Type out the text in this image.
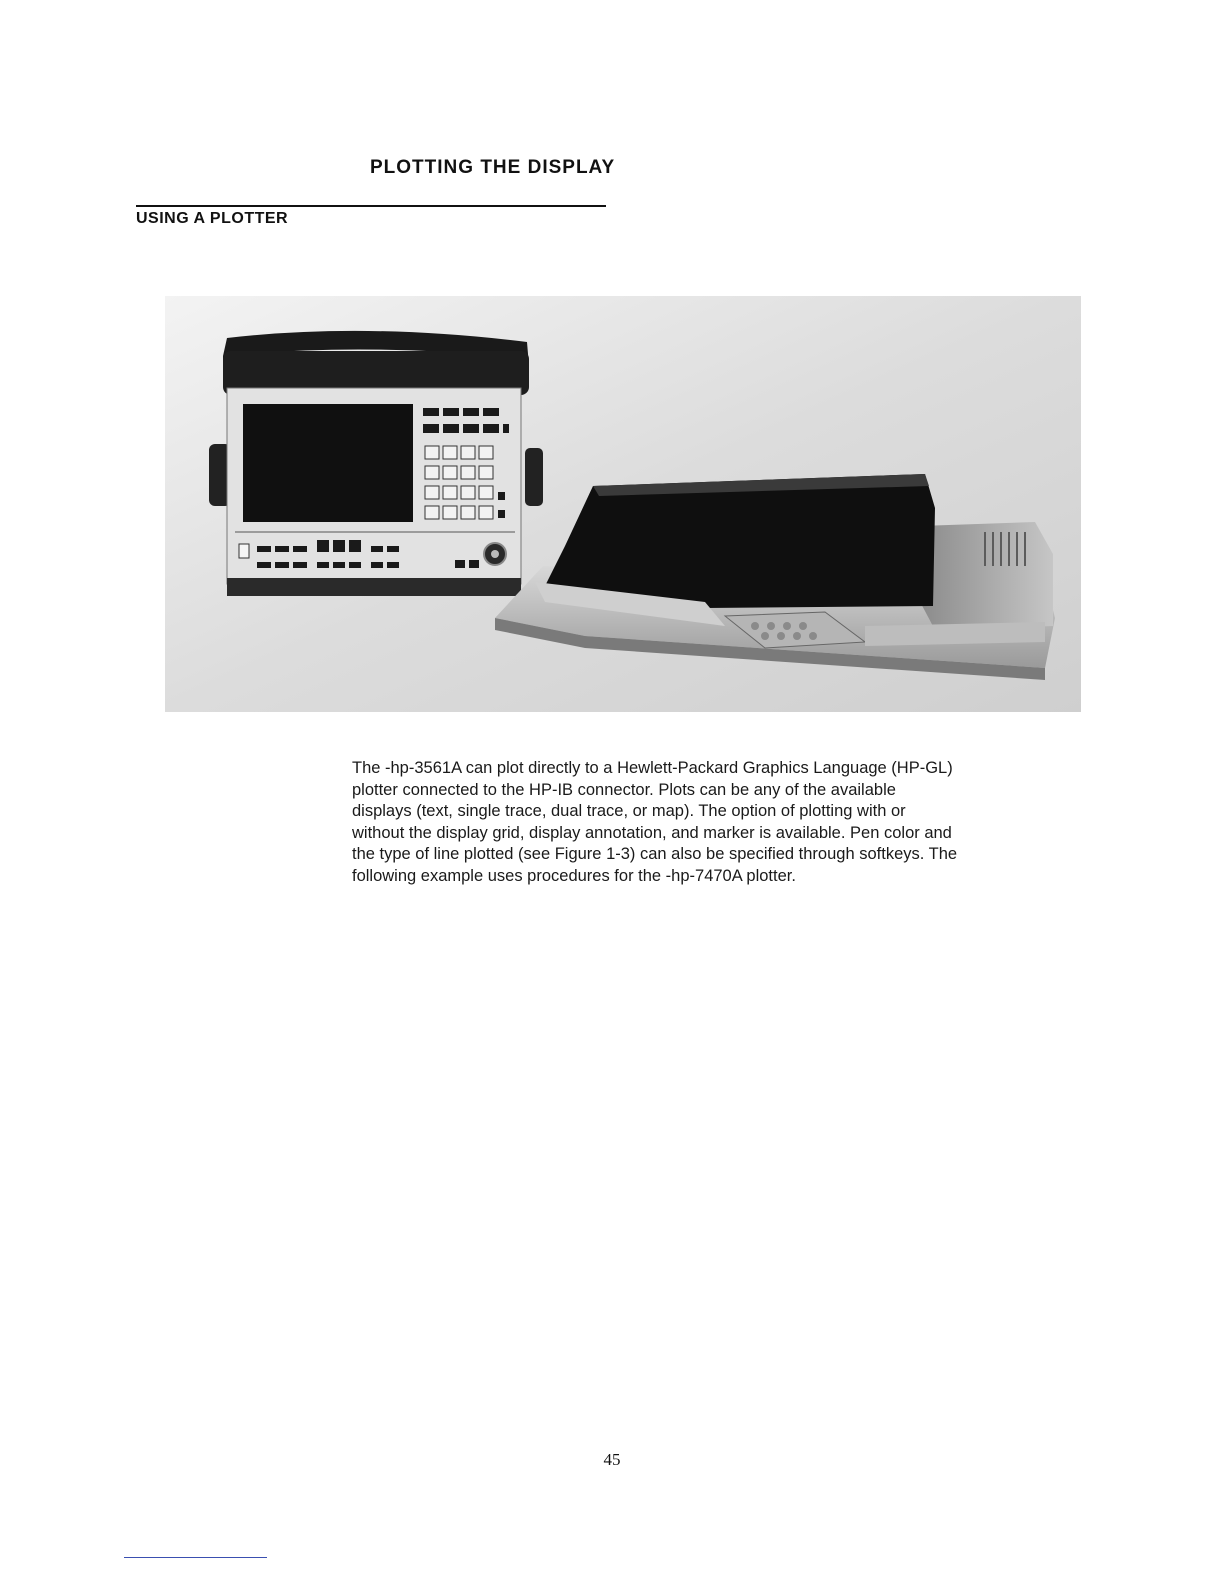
PLOTTING THE DISPLAY
USING A PLOTTER

The -hp-3561A can plot directly to a Hewlett-Packard Graphics Language (HP-GL)
plotter connected to the HP-IB connector. Plots can be any of the available
displays (text, single trace, dual trace, or map). The option of plotting with or
without the display grid, display annotation, and marker is available. Pen color and
the type of line plotted (see Figure 1-3) can also be specified through softkeys. The
following example uses procedures for the -hp-7470A plotter.

45
